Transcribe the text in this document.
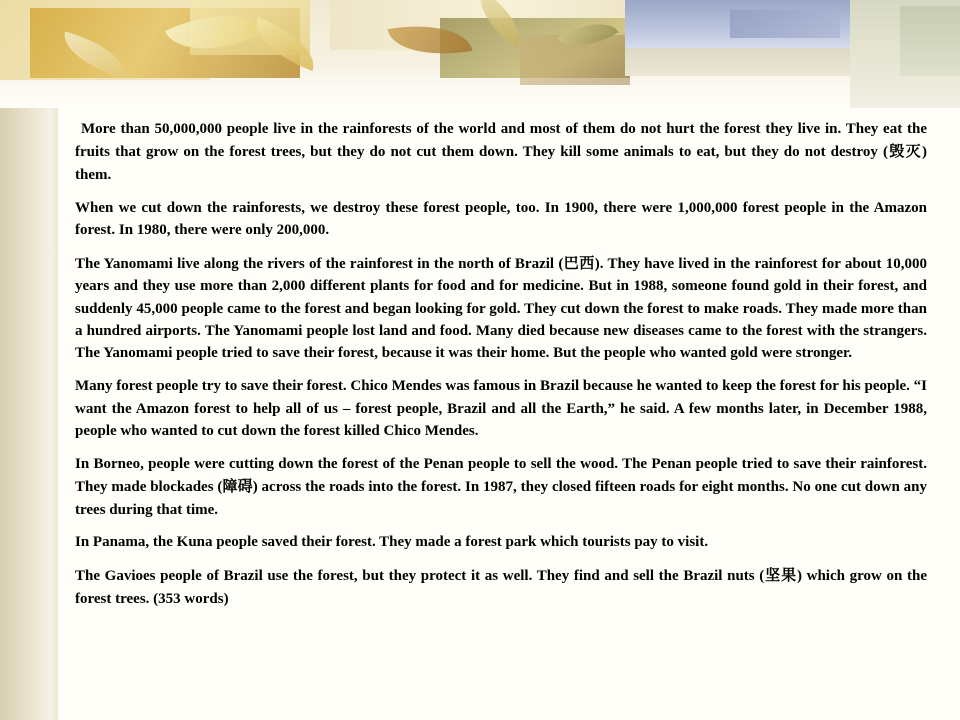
More than 50,000,000 people live in the rainforests of the world and most of them do not hurt the forest they live in. They eat the fruits that grow on the forest trees, but they do not cut them down. They kill some animals to eat, but they do not destroy (毁灭) them.

When we cut down the rainforests, we destroy these forest people, too. In 1900, there were 1,000,000 forest people in the Amazon forest. In 1980, there were only 200,000.

The Yanomami live along the rivers of the rainforest in the north of Brazil (巴西). They have lived in the rainforest for about 10,000 years and they use more than 2,000 different plants for food and for medicine. But in 1988, someone found gold in their forest, and suddenly 45,000 people came to the forest and began looking for gold. They cut down the forest to make roads. They made more than a hundred airports. The Yanomami people lost land and food. Many died because new diseases came to the forest with the strangers. The Yanomami people tried to save their forest, because it was their home. But the people who wanted gold were stronger.

Many forest people try to save their forest. Chico Mendes was famous in Brazil because he wanted to keep the forest for his people. “I want the Amazon forest to help all of us – forest people, Brazil and all the Earth,” he said. A few months later, in December 1988, people who wanted to cut down the forest killed Chico Mendes.

In Borneo, people were cutting down the forest of the Penan people to sell the wood. The Penan people tried to save their rainforest. They made blockades (障碍) across the roads into the forest. In 1987, they closed fifteen roads for eight months. No one cut down any trees during that time.

In Panama, the Kuna people saved their forest. They made a forest park which tourists pay to visit.

The Gavioes people of Brazil use the forest, but they protect it as well. They find and sell the Brazil nuts (坚果) which grow on the forest trees. (353 words)
